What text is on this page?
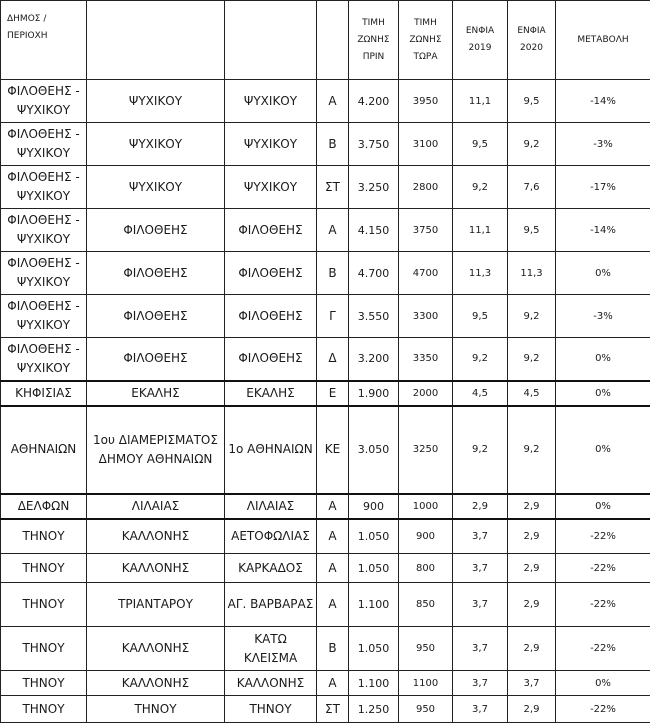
ΔΗΜΟΣ / ΠΕΡΙΟΧΗ				ΤΙΜΗ ΖΩΝΗΣ ΠΡΙΝ	ΤΙΜΗ ΖΩΝΗΣ ΤΩΡΑ	ΕΝΦΙΑ 2019	ΕΝΦΙΑ 2020	ΜΕΤΑΒΟΛΗ
ΦΙΛΟΘΕΗΣ - ΨΥΧΙΚΟΥ	ΨΥΧΙΚΟΥ	ΨΥΧΙΚΟΥ	Α	4.200	3950	11,1	9,5	-14%
ΦΙΛΟΘΕΗΣ - ΨΥΧΙΚΟΥ	ΨΥΧΙΚΟΥ	ΨΥΧΙΚΟΥ	Β	3.750	3100	9,5	9,2	-3%
ΦΙΛΟΘΕΗΣ - ΨΥΧΙΚΟΥ	ΨΥΧΙΚΟΥ	ΨΥΧΙΚΟΥ	ΣΤ	3.250	2800	9,2	7,6	-17%
ΦΙΛΟΘΕΗΣ - ΨΥΧΙΚΟΥ	ΦΙΛΟΘΕΗΣ	ΦΙΛΟΘΕΗΣ	Α	4.150	3750	11,1	9,5	-14%
ΦΙΛΟΘΕΗΣ - ΨΥΧΙΚΟΥ	ΦΙΛΟΘΕΗΣ	ΦΙΛΟΘΕΗΣ	Β	4.700	4700	11,3	11,3	0%
ΦΙΛΟΘΕΗΣ - ΨΥΧΙΚΟΥ	ΦΙΛΟΘΕΗΣ	ΦΙΛΟΘΕΗΣ	Γ	3.550	3300	9,5	9,2	-3%
ΦΙΛΟΘΕΗΣ - ΨΥΧΙΚΟΥ	ΦΙΛΟΘΕΗΣ	ΦΙΛΟΘΕΗΣ	Δ	3.200	3350	9,2	9,2	0%
ΚΗΦΙΣΙΑΣ	ΕΚΑΛΗΣ	ΕΚΑΛΗΣ	Ε	1.900	2000	4,5	4,5	0%
ΑΘΗΝΑΙΩΝ	1ου ΔΙΑΜΕΡΙΣΜΑΤΟΣ ΔΗΜΟΥ ΑΘΗΝΑΙΩΝ	1ο ΑΘΗΝΑΙΩΝ	ΚΕ	3.050	3250	9,2	9,2	0%
ΔΕΛΦΩΝ	ΛΙΛΑΙΑΣ	ΛΙΛΑΙΑΣ	Α	900	1000	2,9	2,9	0%
ΤΗΝΟΥ	ΚΑΛΛΟΝΗΣ	ΑΕΤΟΦΩΛΙΑΣ	Α	1.050	900	3,7	2,9	-22%
ΤΗΝΟΥ	ΚΑΛΛΟΝΗΣ	ΚΑΡΚΑΔΟΣ	Α	1.050	800	3,7	2,9	-22%
ΤΗΝΟΥ	ΤΡΙΑΝΤΑΡΟΥ	ΑΓ. ΒΑΡΒΑΡΑΣ	Α	1.100	850	3,7	2,9	-22%
ΤΗΝΟΥ	ΚΑΛΛΟΝΗΣ	ΚΑΤΩ ΚΛΕΙΣΜΑ	Β	1.050	950	3,7	2,9	-22%
ΤΗΝΟΥ	ΚΑΛΛΟΝΗΣ	ΚΑΛΛΟΝΗΣ	Α	1.100	1100	3,7	3,7	0%
ΤΗΝΟΥ	ΤΗΝΟΥ	ΤΗΝΟΥ	ΣΤ	1.250	950	3,7	2,9	-22%
